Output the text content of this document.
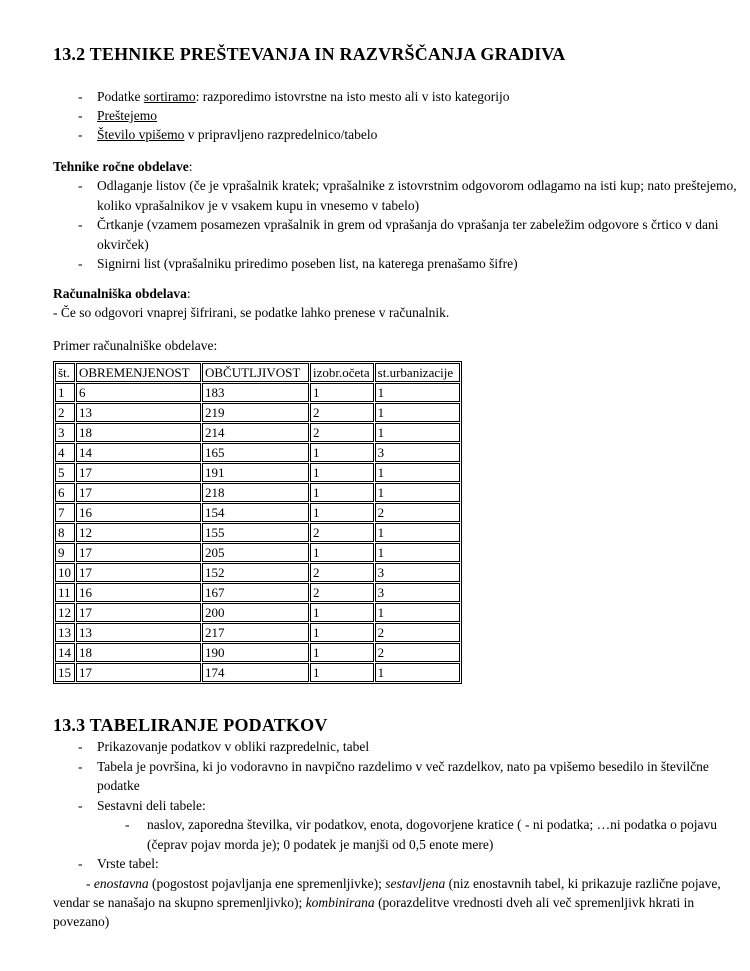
13.2 TEHNIKE PREŠTEVANJA IN RAZVRŠČANJA GRADIVA
-	Podatke sortiramo: razporedimo istovrstne na isto mesto ali v isto kategorijo
-	Preštejemo
-	Število vpišemo v pripravljeno razpredelnico/tabelo

Tehnike ročne obdelave:

-	Odlaganje listov (če je vprašalnik kratek; vprašalnike z istovrstnim odgovorom odlagamo na isti kup; nato preštejemo, koliko vprašalnikov je v vsakem kupu in vnesemo v tabelo)
-	Črtkanje (vzamem posamezen vprašalnik in grem od vprašanja do vprašanja ter zabeležim odgovore s črtico v dani okvirček)
-	Signirni list (vprašalniku priredimo poseben list, na katerega prenašamo šifre)

Računalniška obdelava:

- Če so odgovori vnaprej šifrirani, se podatke lahko prenese v računalnik.

Primer računalniške obdelave:

št.	OBREMENJENOST	OBČUTLJIVOST	izobr.očeta	st.urbanizacije
1	6	183	1	1
2	13	219	2	1
3	18	214	2	1
4	14	165	1	3
5	17	191	1	1
6	17	218	1	1
7	16	154	1	2
8	12	155	2	1
9	17	205	1	1
10	17	152	2	3
11	16	167	2	3
12	17	200	1	1
13	13	217	1	2
14	18	190	1	2
15	17	174	1	1
13.3 TABELIRANJE PODATKOV
-	Prikazovanje podatkov v obliki razpredelnic, tabel
-	Tabela je površina, ki jo vodoravno in navpično razdelimo v več razdelkov, nato pa vpišemo besedilo in številčne podatke
-	Sestavni deli tabele:
-	naslov, zaporedna številka, vir podatkov, enota, dogovorjene kratice ( - ni podatka; …ni podatka o pojavu (čeprav pojav morda je); 0 podatek je manjši od 0,5 enote mere)
-	Vrste tabel:

- enostavna (pogostost pojavljanja ene spremenljivke); sestavljena (niz enostavnih tabel, ki prikazuje različne pojave, vendar se nanašajo na skupno spremenljivko); kombinirana (porazdelitve vrednosti dveh ali več spremenljivk hkrati in povezano)
